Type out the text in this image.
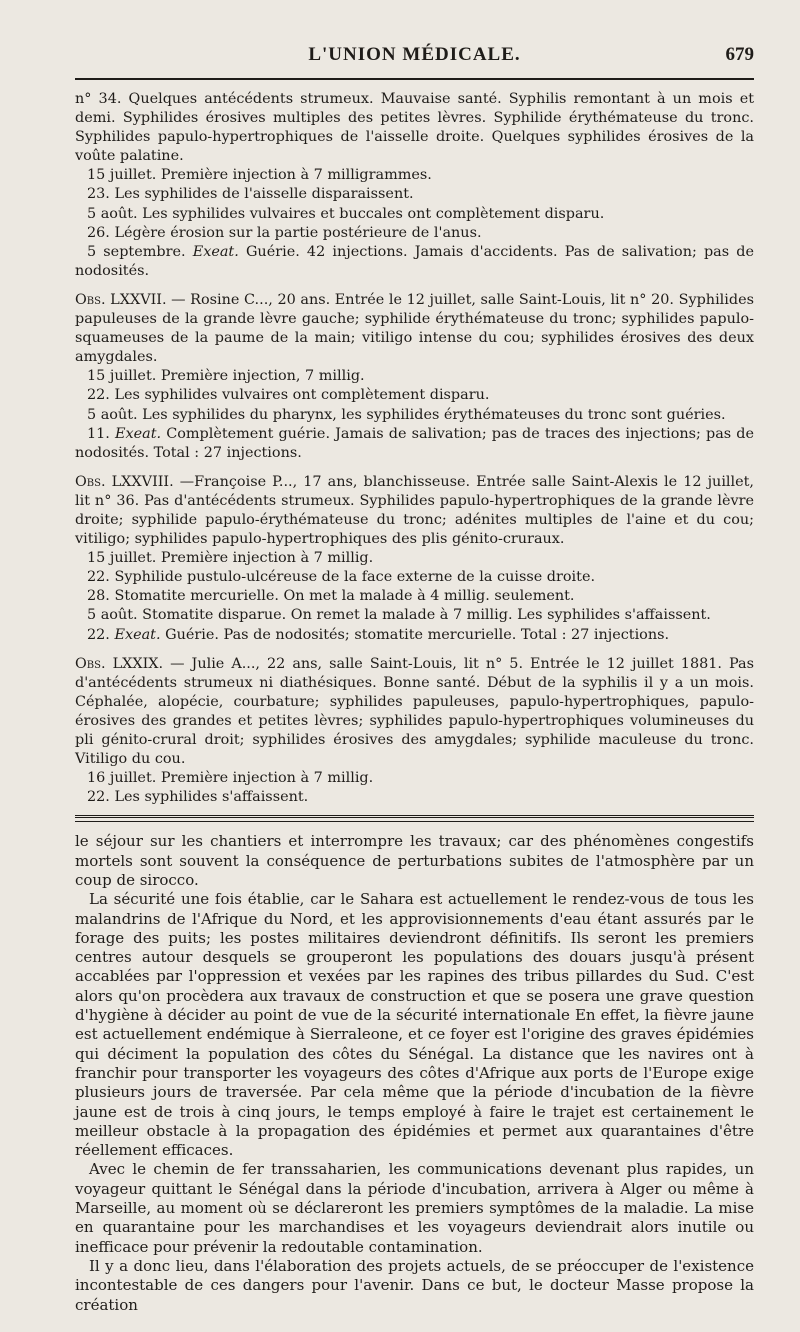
L'UNION MÉDICALE.	679

n° 34. Quelques antécédents strumeux. Mauvaise santé. Syphilis remontant à un mois et demi. Syphilides érosives multiples des petites lèvres. Syphilide érythémateuse du tronc. Syphilides papulo-hypertrophiques de l'aisselle droite. Quelques syphilides érosives de la voûte palatine.

15 juillet. Première injection à 7 milligrammes.

23. Les syphilides de l'aisselle disparaissent.

5 août. Les syphilides vulvaires et buccales ont complètement disparu.

26. Légère érosion sur la partie postérieure de l'anus.

5 septembre. Exeat. Guérie. 42 injections. Jamais d'accidents. Pas de salivation; pas de nodosités.

Obs. LXXVII. — Rosine C..., 20 ans. Entrée le 12 juillet, salle Saint-Louis, lit n° 20. Syphilides papuleuses de la grande lèvre gauche; syphilide érythémateuse du tronc; syphilides papulo-squameuses de la paume de la main; vitiligo intense du cou; syphilides érosives des deux amygdales.

15 juillet. Première injection, 7 millig.

22. Les syphilides vulvaires ont complètement disparu.

5 août. Les syphilides du pharynx, les syphilides érythémateuses du tronc sont guéries.

11. Exeat. Complètement guérie. Jamais de salivation; pas de traces des injections; pas de nodosités. Total : 27 injections.

Obs. LXXVIII. —Françoise P..., 17 ans, blanchisseuse. Entrée salle Saint-Alexis le 12 juillet, lit n° 36. Pas d'antécédents strumeux. Syphilides papulo-hypertrophiques de la grande lèvre droite; syphilide papulo-érythémateuse du tronc; adénites multiples de l'aine et du cou; vitiligo; syphilides papulo-hypertrophiques des plis génito-cruraux.

15 juillet. Première injection à 7 millig.

22. Syphilide pustulo-ulcéreuse de la face externe de la cuisse droite.

28. Stomatite mercurielle. On met la malade à 4 millig. seulement.

5 août. Stomatite disparue. On remet la malade à 7 millig. Les syphilides s'affaissent.

22. Exeat. Guérie. Pas de nodosités; stomatite mercurielle. Total : 27 injections.

Obs. LXXIX. — Julie A..., 22 ans, salle Saint-Louis, lit n° 5. Entrée le 12 juillet 1881. Pas d'antécédents strumeux ni diathésiques. Bonne santé. Début de la syphilis il y a un mois. Céphalée, alopécie, courbature; syphilides papuleuses, papulo-hypertrophiques, papulo-érosives des grandes et petites lèvres; syphilides papulo-hypertrophiques volumineuses du pli génito-crural droit; syphilides érosives des amygdales; syphilide maculeuse du tronc. Vitiligo du cou.

16 juillet. Première injection à 7 millig.

22. Les syphilides s'affaissent.

le séjour sur les chantiers et interrompre les travaux; car des phénomènes congestifs mortels sont souvent la conséquence de perturbations subites de l'atmosphère par un coup de sirocco.

La sécurité une fois établie, car le Sahara est actuellement le rendez-vous de tous les malandrins de l'Afrique du Nord, et les approvisionnements d'eau étant assurés par le forage des puits; les postes militaires deviendront définitifs. Ils seront les premiers centres autour desquels se grouperont les populations des douars jusqu'à présent accablées par l'oppression et vexées par les rapines des tribus pillardes du Sud. C'est alors qu'on procèdera aux travaux de construction et que se posera une grave question d'hygiène à décider au point de vue de la sécurité internationale En effet, la fièvre jaune est actuellement endémique à Sierraleone, et ce foyer est l'origine des graves épidémies qui déciment la population des côtes du Sénégal. La distance que les navires ont à franchir pour transporter les voyageurs des côtes d'Afrique aux ports de l'Europe exige plusieurs jours de traversée. Par cela même que la période d'incubation de la fièvre jaune est de trois à cinq jours, le temps employé à faire le trajet est certainement le meilleur obstacle à la propagation des épidémies et permet aux quarantaines d'être réellement efficaces.

Avec le chemin de fer transsaharien, les communications devenant plus rapides, un voyageur quittant le Sénégal dans la période d'incubation, arrivera à Alger ou même à Marseille, au moment où se déclareront les premiers symptômes de la maladie. La mise en quarantaine pour les marchandises et les voyageurs deviendrait alors inutile ou inefficace pour prévenir la redoutable contamination.

Il y a donc lieu, dans l'élaboration des projets actuels, de se préoccuper de l'existence incontestable de ces dangers pour l'avenir. Dans ce but, le docteur Masse propose la création
